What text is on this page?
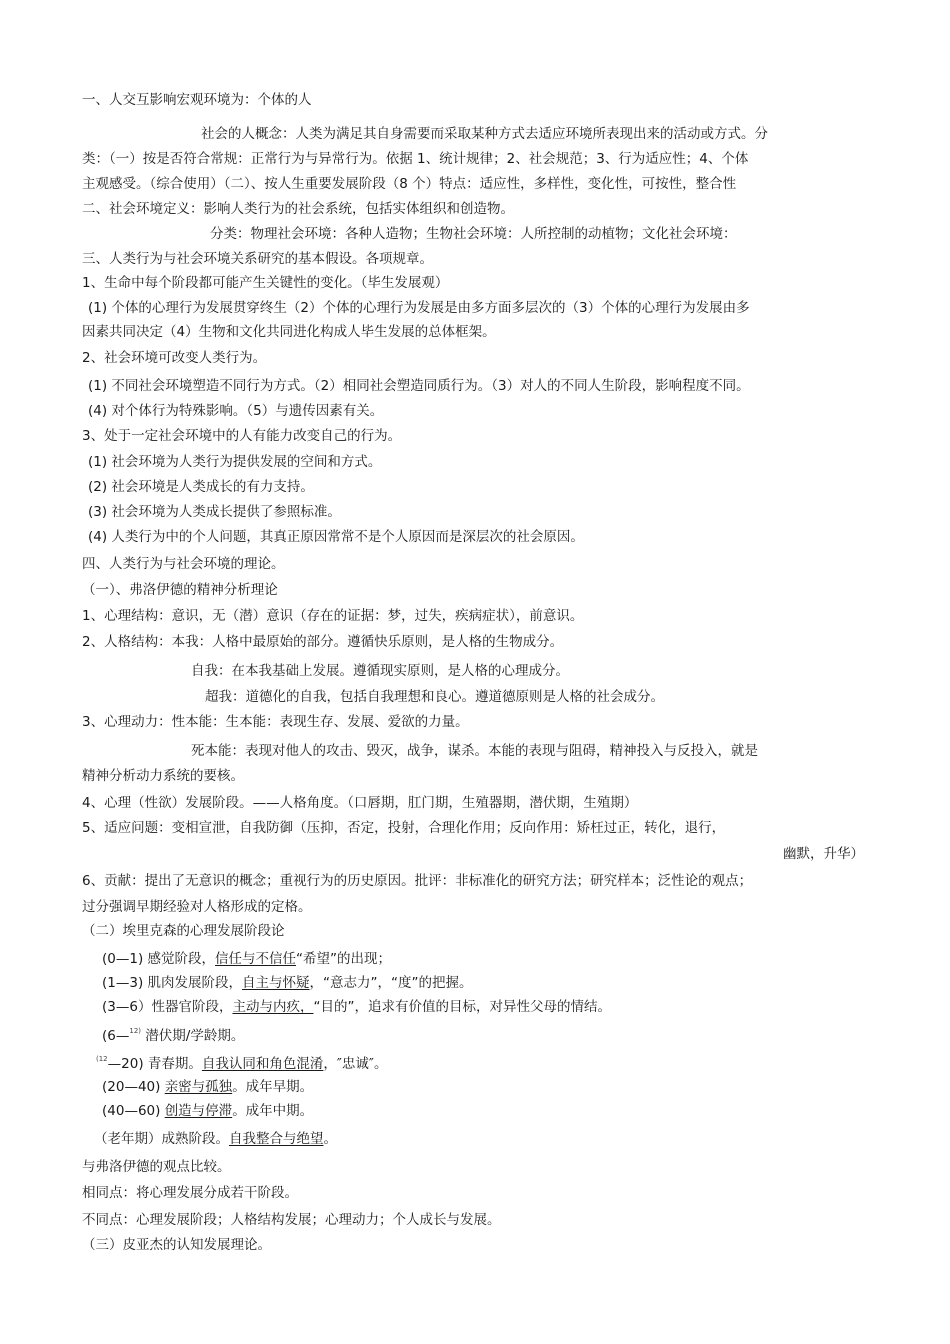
一、人交互影响宏观环境为：个体的人
社会的人概念：人类为满足其自身需要而采取某种方式去适应环境所表现出来的活动或方式。分
类：（一）按是否符合常规：正常行为与异常行为。依据 1、统计规律；2、社会规范；3、行为适应性；4、个体
主观感受。（综合使用）（二）、按人生重要发展阶段（8 个）特点：适应性，多样性，变化性，可按性，整合性
二、社会环境定义：影响人类行为的社会系统，包括实体组织和创造物。
分类：物理社会环境：各种人造物；生物社会环境：人所控制的动植物；文化社会环境：
三、人类行为与社会环境关系研究的基本假设。各项规章。
1、生命中每个阶段都可能产生关键性的变化。（毕生发展观）
(1) 个体的心理行为发展贯穿终生（2）个体的心理行为发展是由多方面多层次的（3）个体的心理行为发展由多
因素共同决定（4）生物和文化共同进化构成人毕生发展的总体框架。
2、社会环境可改变人类行为。
(1) 不同社会环境塑造不同行为方式。（2）相同社会塑造同质行为。（3）对人的不同人生阶段，影响程度不同。
(4) 对个体行为特殊影响。（5）与遗传因素有关。
3、处于一定社会环境中的人有能力改变自己的行为。
(1) 社会环境为人类行为提供发展的空间和方式。
(2) 社会环境是人类成长的有力支持。
(3) 社会环境为人类成长提供了参照标准。
(4) 人类行为中的个人问题，其真正原因常常不是个人原因而是深层次的社会原因。
四、人类行为与社会环境的理论。
（一）、弗洛伊德的精神分析理论
1、心理结构：意识，无（潜）意识（存在的证据：梦，过失，疾病症状），前意识。
2、人格结构：本我：人格中最原始的部分。遵循快乐原则，是人格的生物成分。
自我：在本我基础上发展。遵循现实原则，是人格的心理成分。
超我：道德化的自我，包括自我理想和良心。遵道德原则是人格的社会成分。
3、心理动力：性本能：生本能：表现生存、发展、爱欲的力量。
死本能：表现对他人的攻击、毁灭，战争，谋杀。本能的表现与阻碍，精神投入与反投入，就是
精神分析动力系统的要核。
4、心理（性欲）发展阶段。——人格角度。（口唇期，肛门期，生殖器期，潜伏期，生殖期）
5、适应问题：变相宣泄，自我防御（压抑，否定，投射，合理化作用；反向作用：矫枉过正，转化，退行，
幽默，升华）
6、贡献：提出了无意识的概念；重视行为的历史原因。批评：非标准化的研究方法；研究样本；泛性论的观点；
过分强调早期经验对人格形成的定格。
（二）埃里克森的心理发展阶段论
(0—1) 感觉阶段，信任与不信任“希望”的出现；
(1—3) 肌肉发展阶段，自主与怀疑，“意志力”，“度”的把握。
(3—6）性器官阶段，主动与内疚，“目的”，追求有价值的目标，对异性父母的情结。
(6—$^{12)}$ 潜伏期/学龄期。
$^{(12}$—20) 青春期。自我认同和角色混淆，″忠诚″。
(20—40) 亲密与孤独。成年早期。
(40—60) 创造与停滞。成年中期。
（老年期）成熟阶段。自我整合与绝望。
与弗洛伊德的观点比较。
相同点：将心理发展分成若干阶段。
不同点：心理发展阶段；人格结构发展；心理动力；个人成长与发展。
（三）皮亚杰的认知发展理论。
